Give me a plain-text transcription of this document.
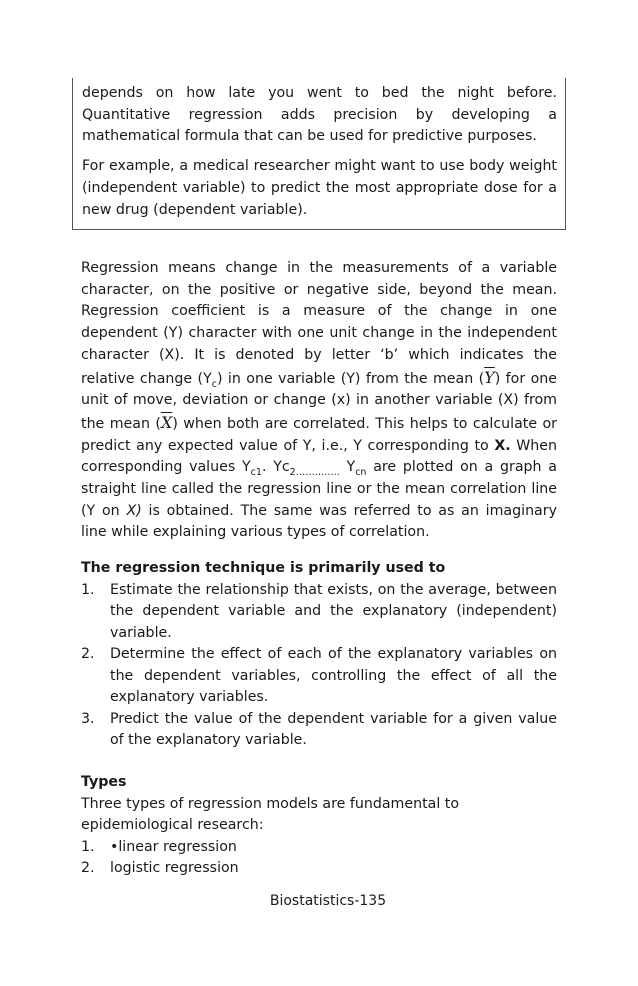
depends on how late you went to bed the night before. Quantitative regression adds precision by developing a mathematical formula that can be used for predictive purposes.

For example, a medical researcher might want to use body weight (independent variable) to predict the most appropriate dose for a new drug (dependent variable).

Regression means change in the measurements of a variable character, on the positive or negative side, beyond the mean. Regression coefficient is a measure of the change in one dependent (Y) character with one unit change in the independent character (X). It is denoted by letter ‘b’ which indicates the relative change $(Y_c)$ in one variable (Y) from the mean $(\overline{Y})$ for one unit of move, deviation or change (x) in another variable (X) from the mean $(\overline{X})$ when both are correlated. This helps to calculate or predict any expected value of Y, i.e., Y corresponding to X. When corresponding values $Y_{c1}$. $Yc_{2\dots\dots\dots\dots..}$ $Y_{cn}$ are plotted on a graph a straight line called the regression line or the mean correlation line (Y on X) is obtained. The same was referred to as an imaginary line while explaining various types of correlation.

The regression technique is primarily used to

1. Estimate the relationship that exists, on the average, between the dependent variable and the explanatory (independent) variable.
2. Determine the effect of each of the explanatory variables on the dependent variables, controlling the effect of all the explanatory variables.
3. Predict the value of the dependent variable for a given value of the explanatory variable.

Types

Three types of regression models are fundamental to epidemiological research:

1. •linear regression
2. logistic regression
Biostatistics-135
